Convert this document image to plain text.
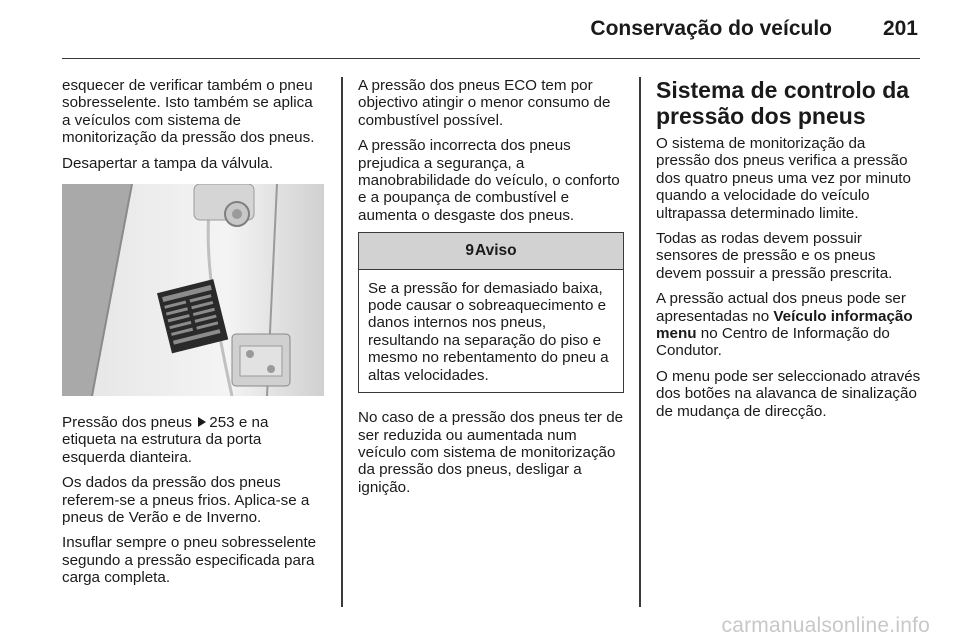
Conservação do veículo 201

esquecer de verificar também o pneu sobresselente. Isto também se aplica a veículos com sistema de monitorização da pressão dos pneus.

Desapertar a tampa da válvula.

Pressão dos pneus 253 e na etiqueta na estrutura da porta esquerda dianteira.

Os dados da pressão dos pneus referem-se a pneus frios. Aplica-se a pneus de Verão e de Inverno.

Insuflar sempre o pneu sobresselente segundo a pressão especificada para carga completa.

A pressão dos pneus ECO tem por objectivo atingir o menor consumo de combustível possível.

A pressão incorrecta dos pneus prejudica a segurança, a manobrabilidade do veículo, o conforto e a poupança de combustível e aumenta o desgaste dos pneus.

9Aviso
Se a pressão for demasiado baixa, pode causar o sobreaquecimento e danos internos nos pneus, resultando na separação do piso e mesmo no rebentamento do pneu a altas velocidades.

No caso de a pressão dos pneus ter de ser reduzida ou aumentada num veículo com sistema de monitorização da pressão dos pneus, desligar a ignição.

Sistema de controlo da pressão dos pneus

O sistema de monitorização da pressão dos pneus verifica a pressão dos quatro pneus uma vez por minuto quando a velocidade do veículo ultrapassa determinado limite.

Todas as rodas devem possuir sensores de pressão e os pneus devem possuir a pressão prescrita.

A pressão actual dos pneus pode ser apresentadas no Veículo informação menu no Centro de Informação do Condutor.

O menu pode ser seleccionado através dos botões na alavanca de sinalização de mudança de direcção.

carmanualsonline.info
